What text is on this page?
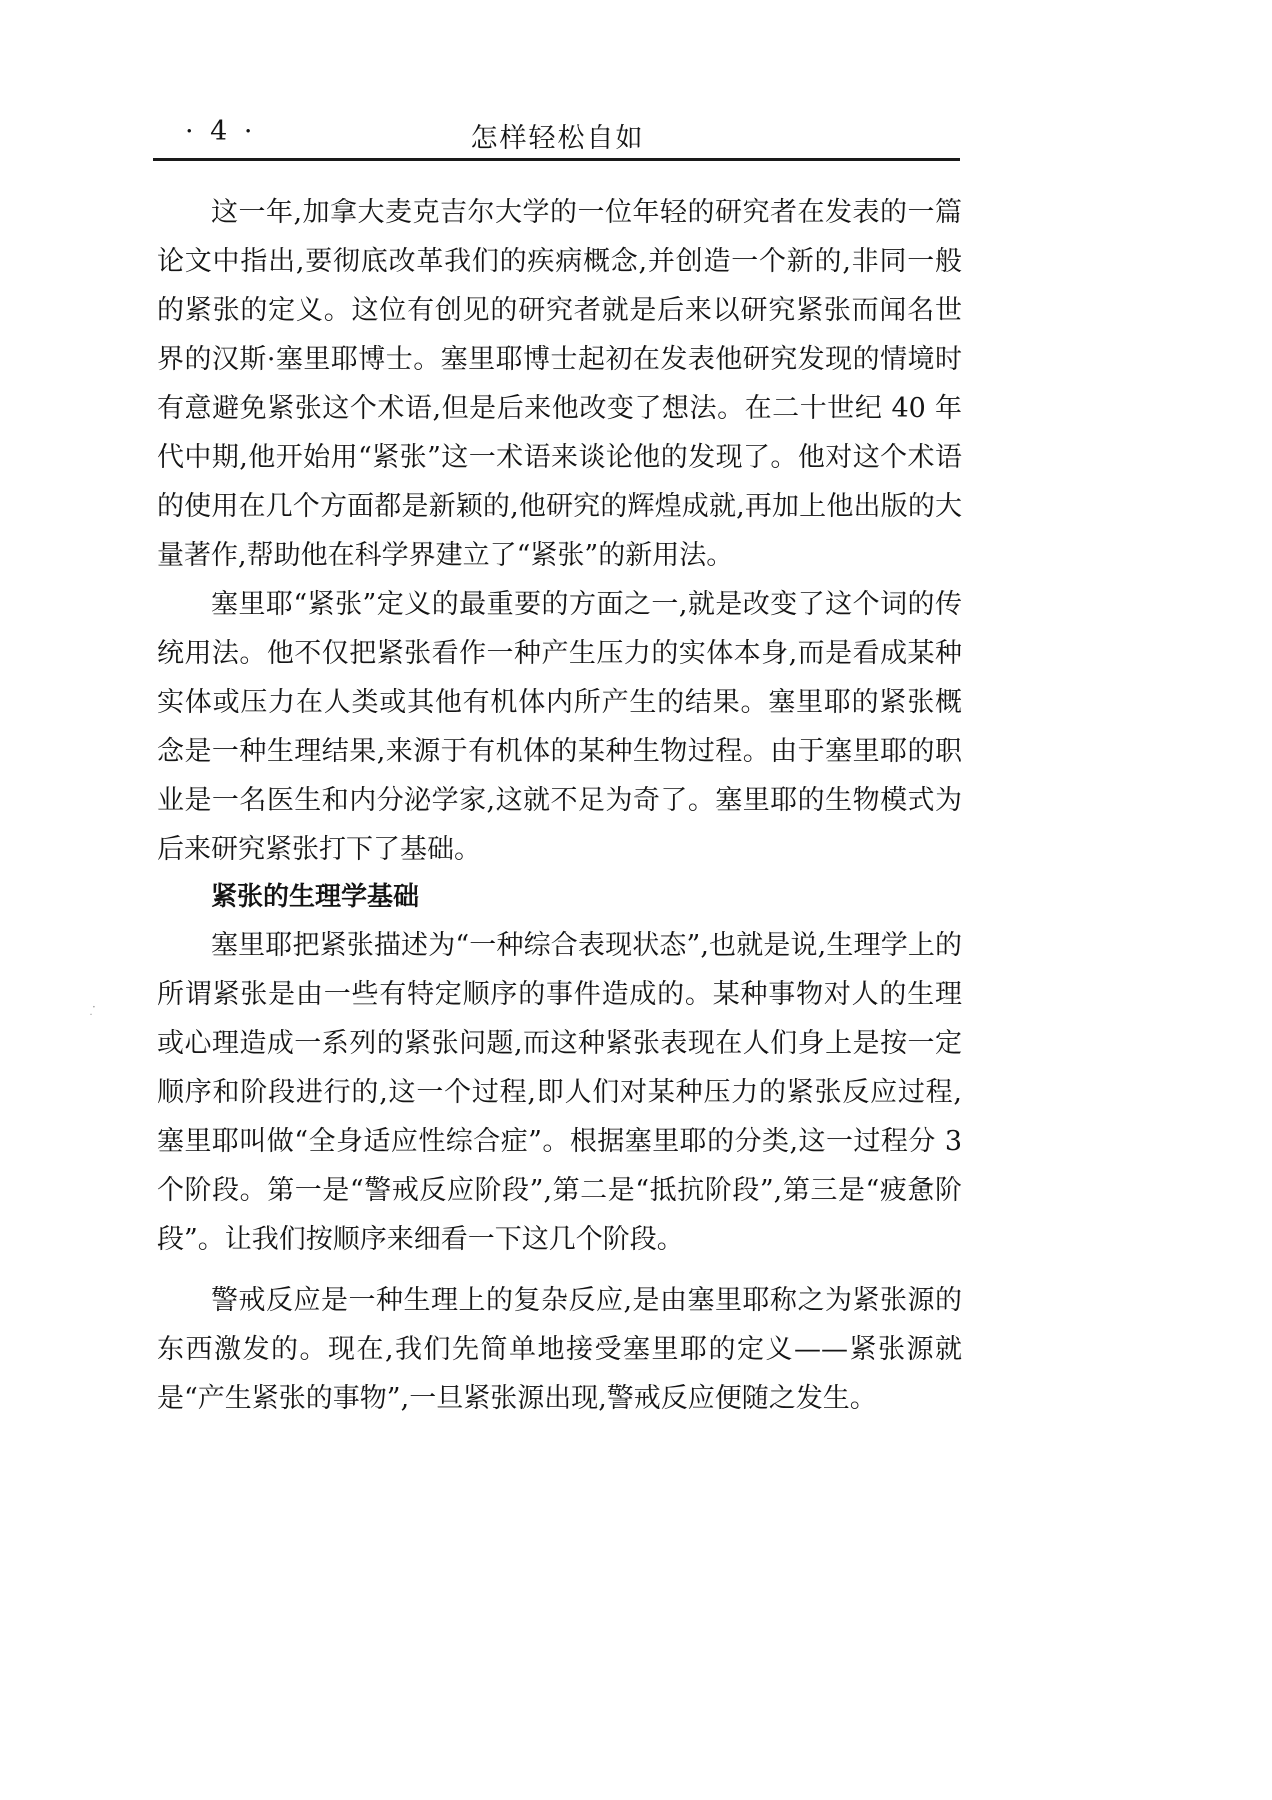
· 4 ·	怎样轻松自如

这一年,加拿大麦克吉尔大学的一位年轻的研究者在发表的一篇论文中指出,要彻底改革我们的疾病概念,并创造一个新的,非同一般的紧张的定义。这位有创见的研究者就是后来以研究紧张而闻名世界的汉斯·塞里耶博士。塞里耶博士起初在发表他研究发现的情境时有意避免紧张这个术语,但是后来他改变了想法。在二十世纪 40 年代中期,他开始用“紧张”这一术语来谈论他的发现了。他对这个术语的使用在几个方面都是新颖的,他研究的辉煌成就,再加上他出版的大量著作,帮助他在科学界建立了“紧张”的新用法。

塞里耶“紧张”定义的最重要的方面之一,就是改变了这个词的传统用法。他不仅把紧张看作一种产生压力的实体本身,而是看成某种实体或压力在人类或其他有机体内所产生的结果。塞里耶的紧张概念是一种生理结果,来源于有机体的某种生物过程。由于塞里耶的职业是一名医生和内分泌学家,这就不足为奇了。塞里耶的生物模式为后来研究紧张打下了基础。

紧张的生理学基础

塞里耶把紧张描述为“一种综合表现状态”,也就是说,生理学上的所谓紧张是由一些有特定顺序的事件造成的。某种事物对人的生理或心理造成一系列的紧张问题,而这种紧张表现在人们身上是按一定顺序和阶段进行的,这一个过程,即人们对某种压力的紧张反应过程,塞里耶叫做“全身适应性综合症”。根据塞里耶的分类,这一过程分 3 个阶段。第一是“警戒反应阶段”,第二是“抵抗阶段”,第三是“疲惫阶段”。让我们按顺序来细看一下这几个阶段。

警戒反应是一种生理上的复杂反应,是由塞里耶称之为紧张源的东西激发的。现在,我们先简单地接受塞里耶的定义——紧张源就是“产生紧张的事物”,一旦紧张源出现,警戒反应便随之发生。

·
˙
